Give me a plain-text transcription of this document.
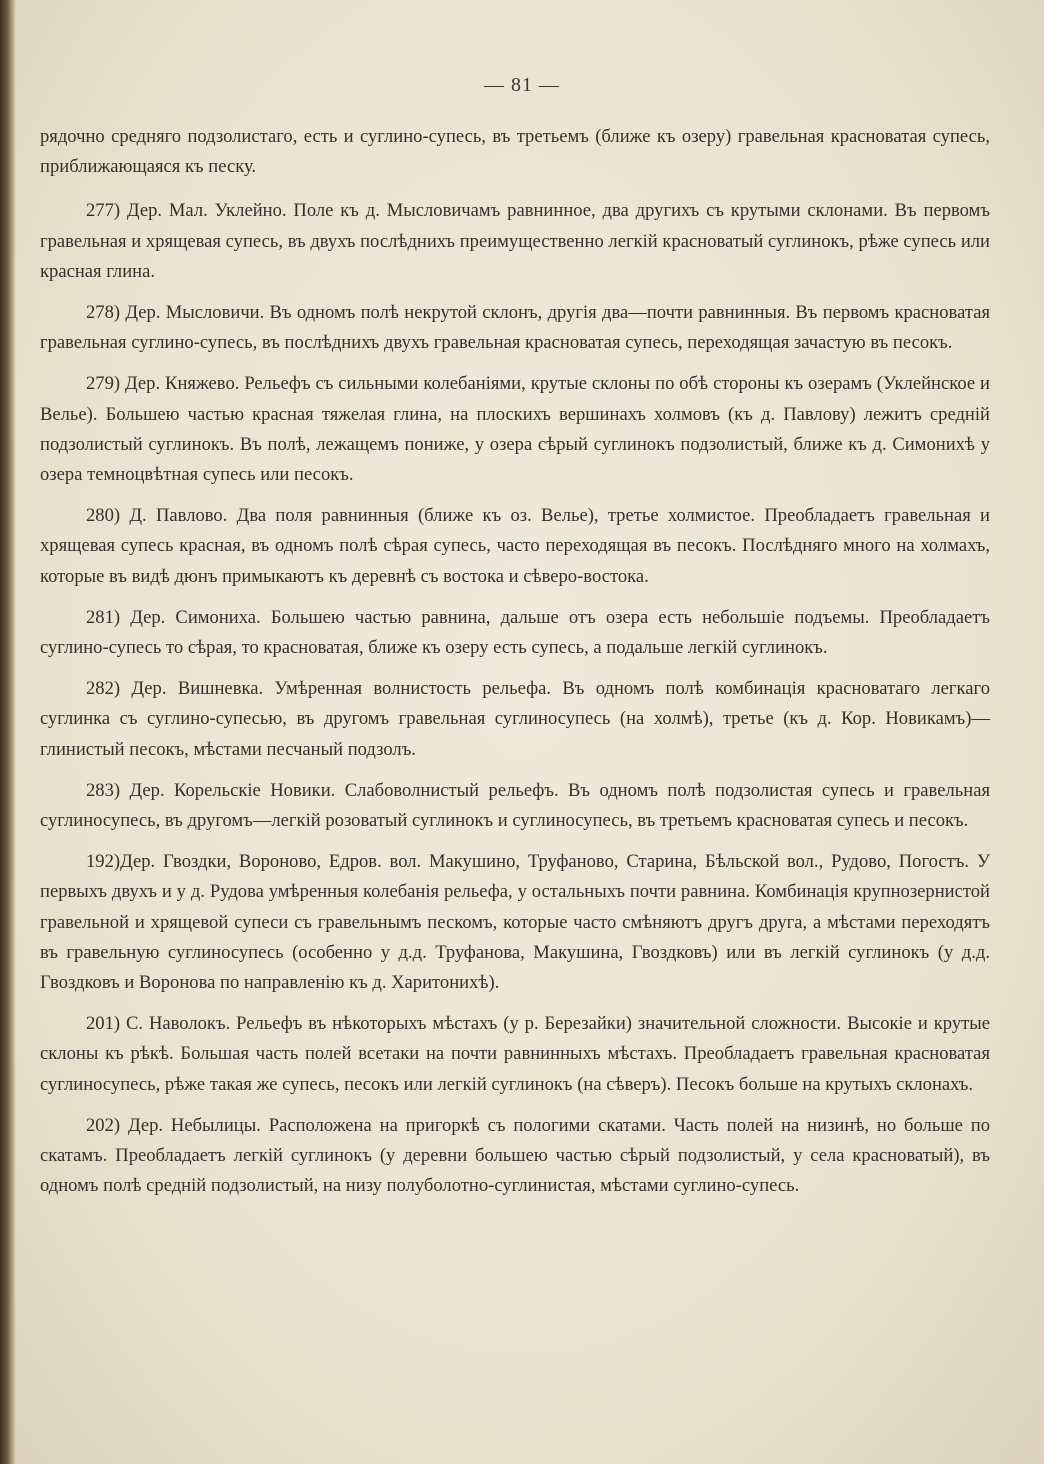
— 81 —

рядочно средняго подзолистаго, есть и суглино-супесь, въ третьемъ (ближе къ озеру) гравельная красноватая супесь, приближающаяся къ песку.

277) Дер. Мал. Уклейно. Поле къ д. Мысловичамъ равнинное, два другихъ съ крутыми склонами. Въ первомъ гравельная и хрящевая супесь, въ двухъ послѣднихъ преимущественно легкій красноватый суглинокъ, рѣже супесь или красная глина.

278) Дер. Мысловичи. Въ одномъ полѣ некрутой склонъ, другія два—почти равнинныя. Въ первомъ красноватая гравельная суглино-супесь, въ послѣднихъ двухъ гравельная красноватая супесь, переходящая зачастую въ песокъ.

279) Дер. Княжево. Рельефъ съ сильными колебаніями, крутые склоны по обѣ стороны къ озерамъ (Уклейнское и Велье). Большею частью красная тяжелая глина, на плоскихъ вершинахъ холмовъ (къ д. Павлову) лежитъ средній подзолистый суглинокъ. Въ полѣ, лежащемъ пониже, у озера сѣрый суглинокъ подзолистый, ближе къ д. Симонихѣ у озера темноцвѣтная супесь или песокъ.

280) Д. Павлово. Два поля равнинныя (ближе къ оз. Велье), третье холмистое. Преобладаетъ гравельная и хрящевая супесь красная, въ одномъ полѣ сѣрая супесь, часто переходящая въ песокъ. Послѣдняго много на холмахъ, которые въ видѣ дюнъ примыкаютъ къ деревнѣ съ востока и сѣверо-востока.

281) Дер. Симониха. Большею частью равнина, дальше отъ озера есть небольшіе подъемы. Преобладаетъ суглино-супесь то сѣрая, то красноватая, ближе къ озеру есть супесь, а подальше легкій суглинокъ.

282) Дер. Вишневка. Умѣренная волнистость рельефа. Въ одномъ полѣ комбинація красноватаго легкаго суглинка съ суглино-супесью, въ другомъ гравельная суглиносупесь (на холмѣ), третье (къ д. Кор. Новикамъ)—глинистый песокъ, мѣстами песчаный подзолъ.

283) Дер. Корельскіе Новики. Слабоволнистый рельефъ. Въ одномъ полѣ подзолистая супесь и гравельная суглиносупесь, въ другомъ—легкій розоватый суглинокъ и суглиносупесь, въ третьемъ красноватая супесь и песокъ.

192)Дер. Гвоздки, Вороново, Едров. вол. Макушино, Труфаново, Старина, Бѣльской вол., Рудово, Погостъ. У первыхъ двухъ и у д. Рудова умѣренныя колебанія рельефа, у остальныхъ почти равнина. Комбинація крупнозернистой гравельной и хрящевой супеси съ гравельнымъ пескомъ, которые часто смѣняютъ другъ друга, а мѣстами переходятъ въ гравельную суглиносупесь (особенно у д.д. Труфанова, Макушина, Гвоздковъ) или въ легкій суглинокъ (у д.д. Гвоздковъ и Воронова по направленію къ д. Харитонихѣ).

201) С. Наволокъ. Рельефъ въ нѣкоторыхъ мѣстахъ (у р. Березайки) значительной сложности. Высокіе и крутые склоны къ рѣкѣ. Большая часть полей всетаки на почти равнинныхъ мѣстахъ. Преобладаетъ гравельная красноватая суглиносупесь, рѣже такая же супесь, песокъ или легкій суглинокъ (на сѣверъ). Песокъ больше на крутыхъ склонахъ.

202) Дер. Небылицы. Расположена на пригоркѣ съ пологими скатами. Часть полей на низинѣ, но больше по скатамъ. Преобладаетъ легкій суглинокъ (у деревни большею частью сѣрый подзолистый, у села красноватый), въ одномъ полѣ средній подзолистый, на низу полуболотно-суглинистая, мѣстами суглино-супесь.
